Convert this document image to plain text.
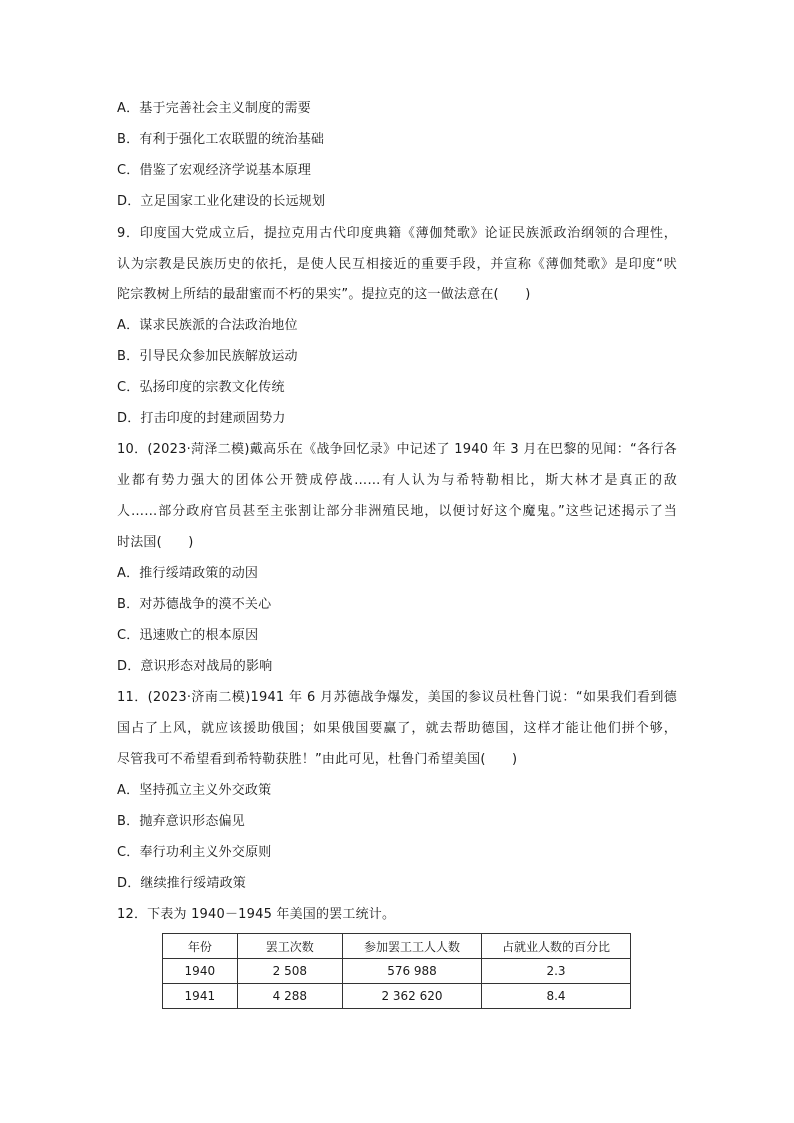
A．基于完善社会主义制度的需要
B．有利于强化工农联盟的统治基础
C．借鉴了宏观经济学说基本原理
D．立足国家工业化建设的长远规划
9．印度国大党成立后，提拉克用古代印度典籍《薄伽梵歌》论证民族派政治纲领的合理性，
认为宗教是民族历史的依托，是使人民互相接近的重要手段，并宣称《薄伽梵歌》是印度“吠
陀宗教树上所结的最甜蜜而不朽的果实”。提拉克的这一做法意在(　　)
A．谋求民族派的合法政治地位
B．引导民众参加民族解放运动
C．弘扬印度的宗教文化传统
D．打击印度的封建顽固势力
10．(2023·菏泽二模)戴高乐在《战争回忆录》中记述了 1940 年 3 月在巴黎的见闻：“各行各
业都有势力强大的团体公开赞成停战……有人认为与希特勒相比，斯大林才是真正的敌
人……部分政府官员甚至主张割让部分非洲殖民地，以便讨好这个魔鬼。”这些记述揭示了当
时法国(　　)
A．推行绥靖政策的动因
B．对苏德战争的漠不关心
C．迅速败亡的根本原因
D．意识形态对战局的影响
11．(2023·济南二模)1941 年 6 月苏德战争爆发，美国的参议员杜鲁门说：“如果我们看到德
国占了上风，就应该援助俄国；如果俄国要赢了，就去帮助德国，这样才能让他们拼个够，
尽管我可不希望看到希特勒获胜！”由此可见，杜鲁门希望美国(　　)
A．坚持孤立主义外交政策
B．抛弃意识形态偏见
C．奉行功利主义外交原则
D．继续推行绥靖政策
12．下表为 1940－1945 年美国的罢工统计。
年份	罢工次数	参加罢工工人人数	占就业人数的百分比
1940	2 508	576 988	2.3
1941	4 288	2 362 620	8.4
